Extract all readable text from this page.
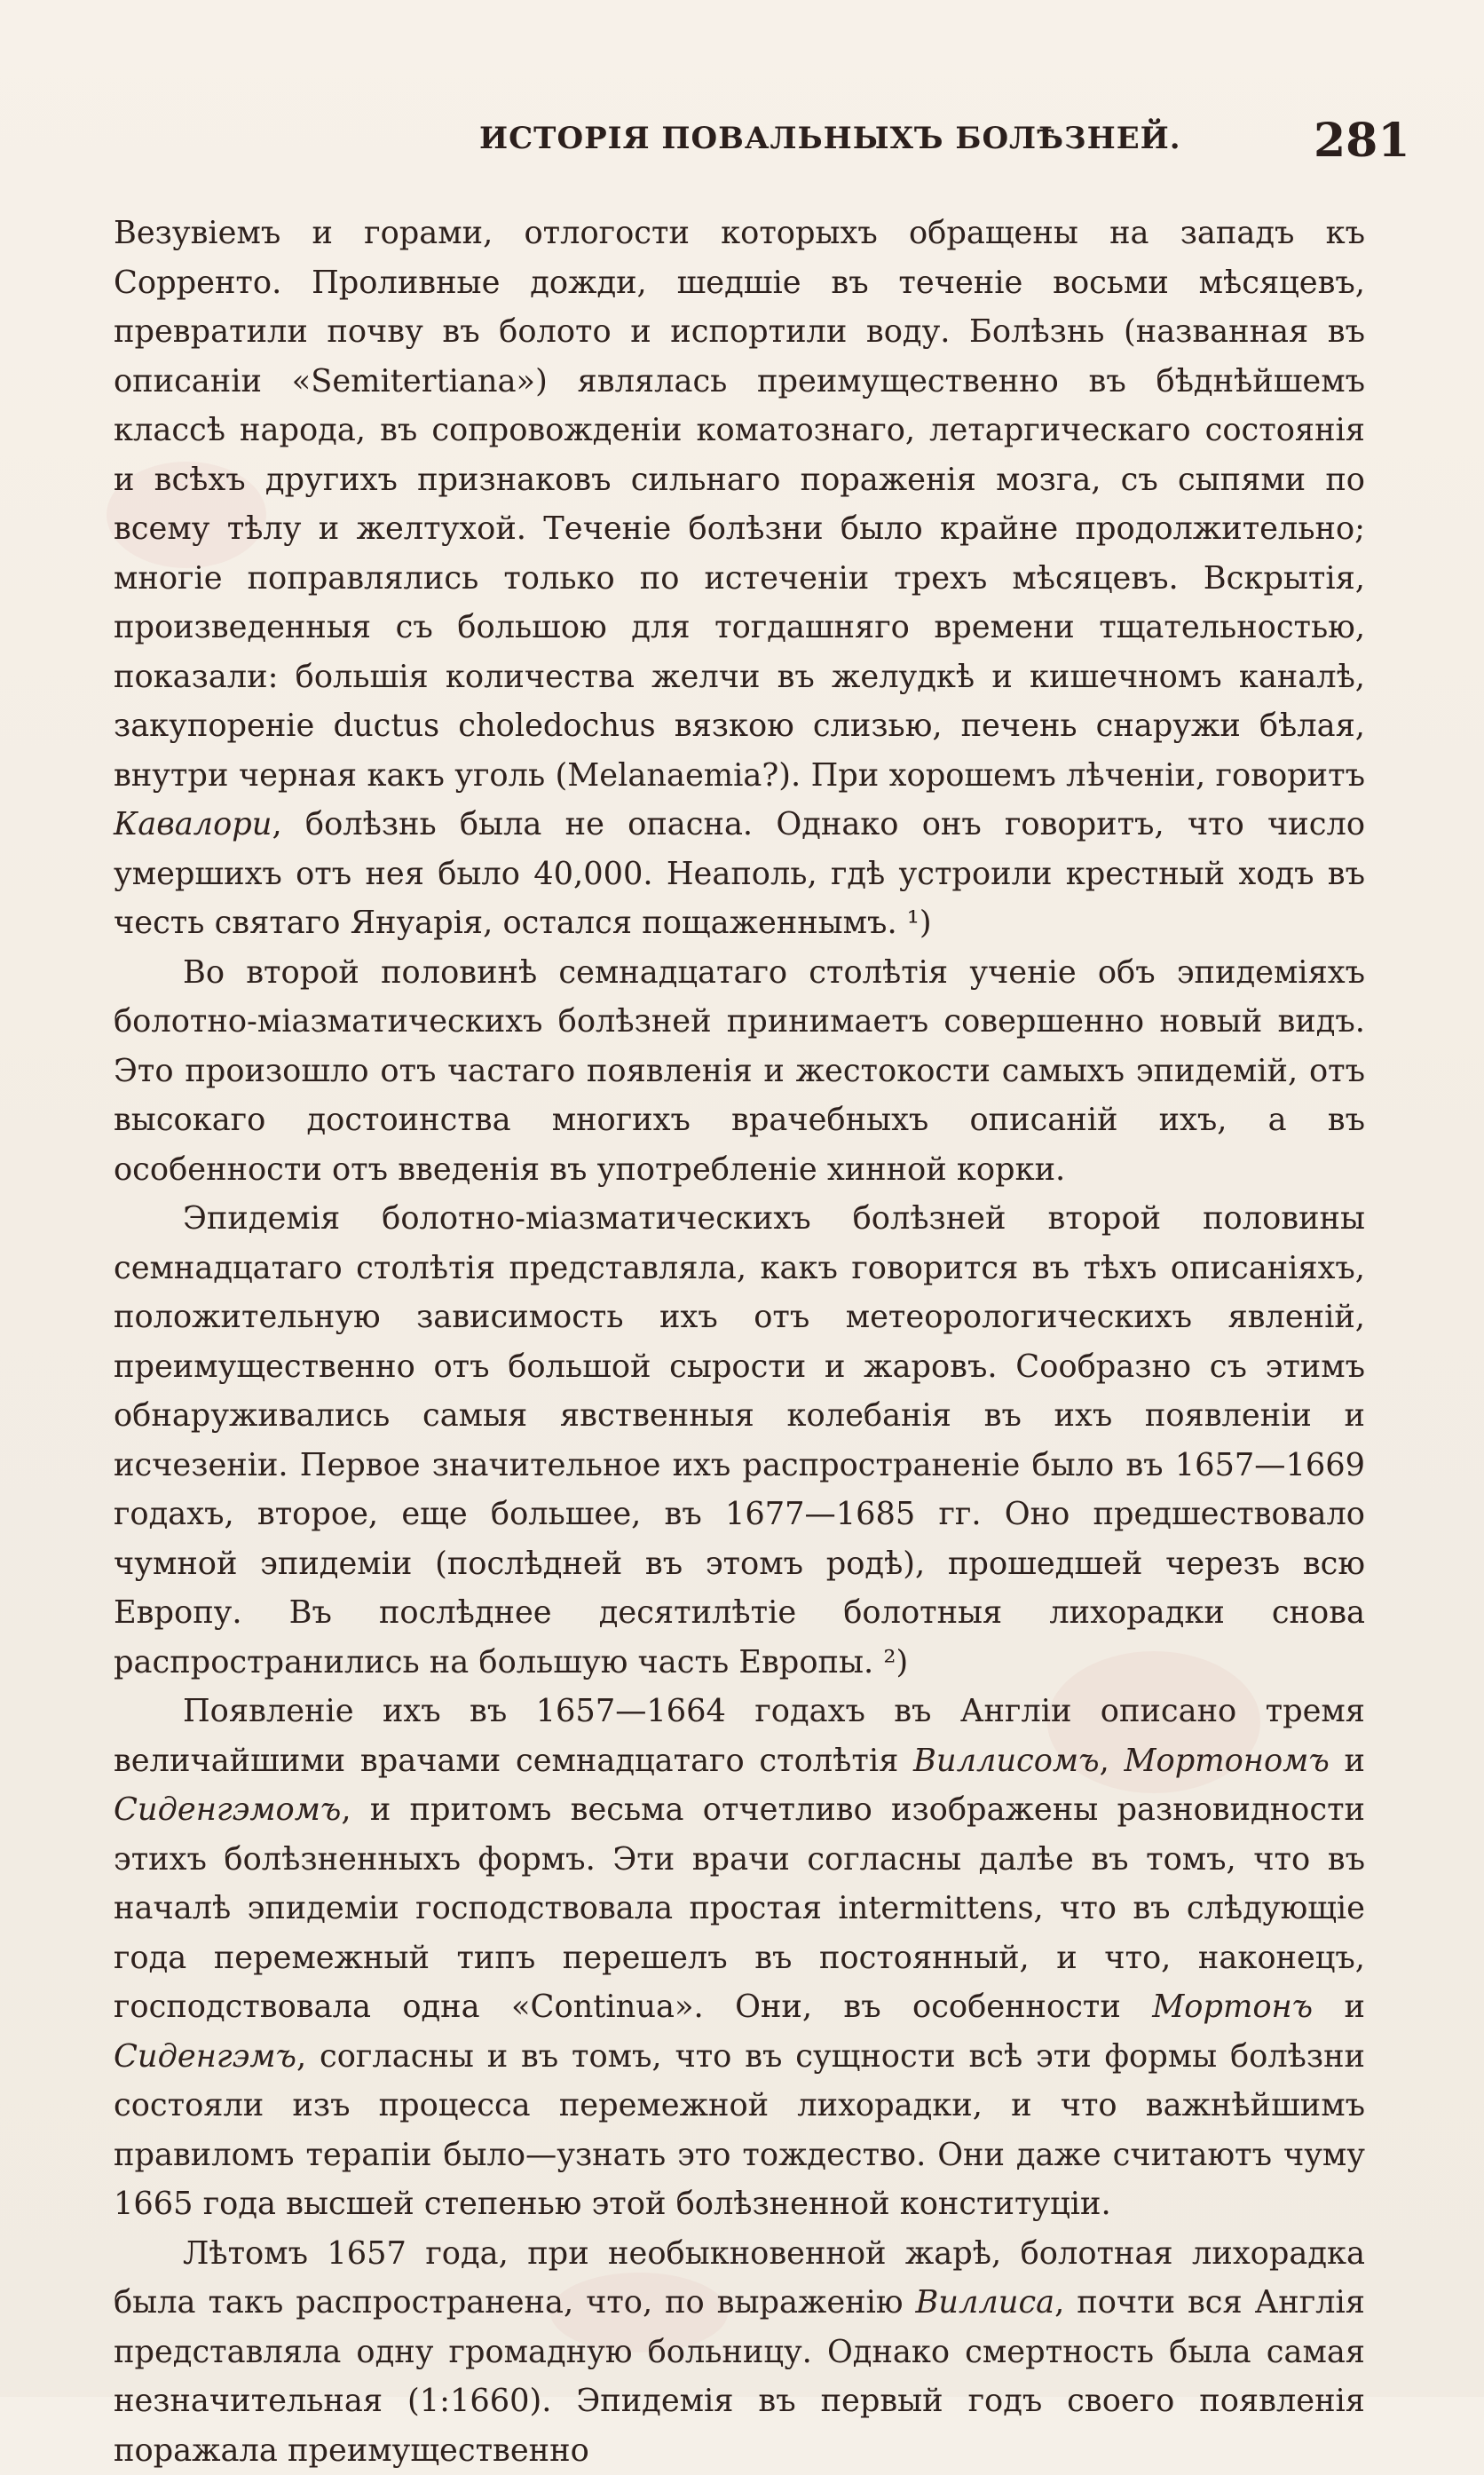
ИСТОРІЯ ПОВАЛЬНЫХЪ БОЛѢЗНЕЙ.	281

Везувіемъ и горами, отлогости которыхъ обращены на западъ къ Сорренто. Проливные дожди, шедшіе въ теченіе восьми мѣсяцевъ, превратили почву въ болото и испортили воду. Болѣзнь (названная въ описаніи «Semitertiana») являлась преимущественно въ бѣднѣйшемъ классѣ народа, въ сопровожденіи коматознаго, летаргическаго состоянія и всѣхъ другихъ признаковъ сильнаго пораженія мозга, съ сыпями по всему тѣлу и желтухой. Теченіе болѣзни было крайне продолжительно; многіе поправлялись только по истеченіи трехъ мѣсяцевъ. Вскрытія, произведенныя съ большою для тогдашняго времени тщательностью, показали: большія количества желчи въ желудкѣ и кишечномъ каналѣ, закупореніе ductus choledochus вязкою слизью, печень снаружи бѣлая, внутри черная какъ уголь (Melanaemia?). При хорошемъ лѣченіи, говоритъ Кавалори, болѣзнь была не опасна. Однако онъ говоритъ, что число умершихъ отъ нея было 40,000. Неаполь, гдѣ устроили крестный ходъ въ честь святаго Януарія, остался пощаженнымъ. ¹)

Во второй половинѣ семнадцатаго столѣтія ученіе объ эпидеміяхъ болотно-міазматическихъ болѣзней принимаетъ совершенно новый видъ. Это произошло отъ частаго появленія и жестокости самыхъ эпидемій, отъ высокаго достоинства многихъ врачебныхъ описаній ихъ, а въ особенности отъ введенія въ употребленіе хинной корки.

Эпидемія болотно-міазматическихъ болѣзней второй половины семнадцатаго столѣтія представляла, какъ говорится въ тѣхъ описаніяхъ, положительную зависимость ихъ отъ метеорологическихъ явленій, преимущественно отъ большой сырости и жаровъ. Сообразно съ этимъ обнаруживались самыя явственныя колебанія въ ихъ появленіи и исчезеніи. Первое значительное ихъ распространеніе было въ 1657—1669 годахъ, второе, еще большее, въ 1677—1685 гг. Оно предшествовало чумной эпидеміи (послѣдней въ этомъ родѣ), прошедшей черезъ всю Европу. Въ послѣднее десятилѣтіе болотныя лихорадки снова распространились на большую часть Европы. ²)

Появленіе ихъ въ 1657—1664 годахъ въ Англіи описано тремя величайшими врачами семнадцатаго столѣтія Виллисомъ, Мортономъ и Сиденгэмомъ, и притомъ весьма отчетливо изображены разновидности этихъ болѣзненныхъ формъ. Эти врачи согласны далѣе въ томъ, что въ началѣ эпидеміи господствовала простая intermittens, что въ слѣдующіе года перемежный типъ перешелъ въ постоянный, и что, наконецъ, господствовала одна «Continua». Они, въ особенности Мортонъ и Сиденгэмъ, согласны и въ томъ, что въ сущности всѣ эти формы болѣзни состояли изъ процесса перемежной лихорадки, и что важнѣйшимъ правиломъ терапіи было—узнать это тождество. Они даже считаютъ чуму 1665 года высшей степенью этой болѣзненной конституціи.

Лѣтомъ 1657 года, при необыкновенной жарѣ, болотная лихорадка была такъ распространена, что, по выраженію Виллиса, почти вся Англія представляла одну громадную больницу. Однако смертность была самая незначительная (1:1660). Эпидемія въ первый годъ своего появленія поражала преимущественно
